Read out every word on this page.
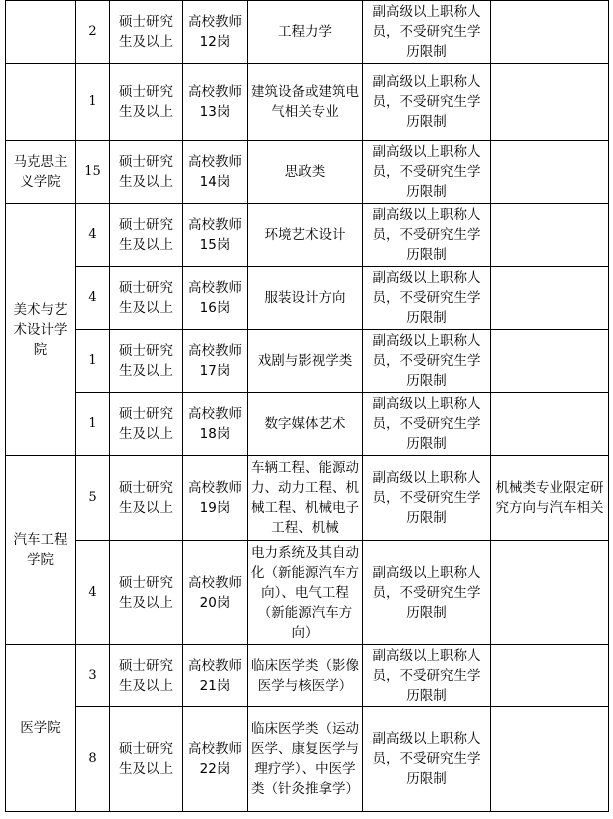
	2	硕士研究生及以上	高校教师12岗	工程力学	副高级以上职称人员，不受研究生学历限制	
	1	硕士研究生及以上	高校教师13岗	建筑设备或建筑电气相关专业	副高级以上职称人员，不受研究生学历限制	
马克思主义学院	15	硕士研究生及以上	高校教师14岗	思政类	副高级以上职称人员，不受研究生学历限制	
美术与艺术设计学院	4	硕士研究生及以上	高校教师15岗	环境艺术设计	副高级以上职称人员，不受研究生学历限制	
	4	硕士研究生及以上	高校教师16岗	服装设计方向	副高级以上职称人员，不受研究生学历限制	
	1	硕士研究生及以上	高校教师17岗	戏剧与影视学类	副高级以上职称人员，不受研究生学历限制	
	1	硕士研究生及以上	高校教师18岗	数字媒体艺术	副高级以上职称人员，不受研究生学历限制	
汽车工程学院	5	硕士研究生及以上	高校教师19岗	车辆工程、能源动力、动力工程、机械工程、机械电子工程、机械	副高级以上职称人员，不受研究生学历限制	机械类专业限定研究方向与汽车相关
	4	硕士研究生及以上	高校教师20岗	电力系统及其自动化（新能源汽车方向）、电气工程（新能源汽车方向）	副高级以上职称人员，不受研究生学历限制	
医学院	3	硕士研究生及以上	高校教师21岗	临床医学类（影像医学与核医学）	副高级以上职称人员，不受研究生学历限制	
	8	硕士研究生及以上	高校教师22岗	临床医学类（运动医学、康复医学与理疗学）、中医学类（针灸推拿学）	副高级以上职称人员，不受研究生学历限制	
